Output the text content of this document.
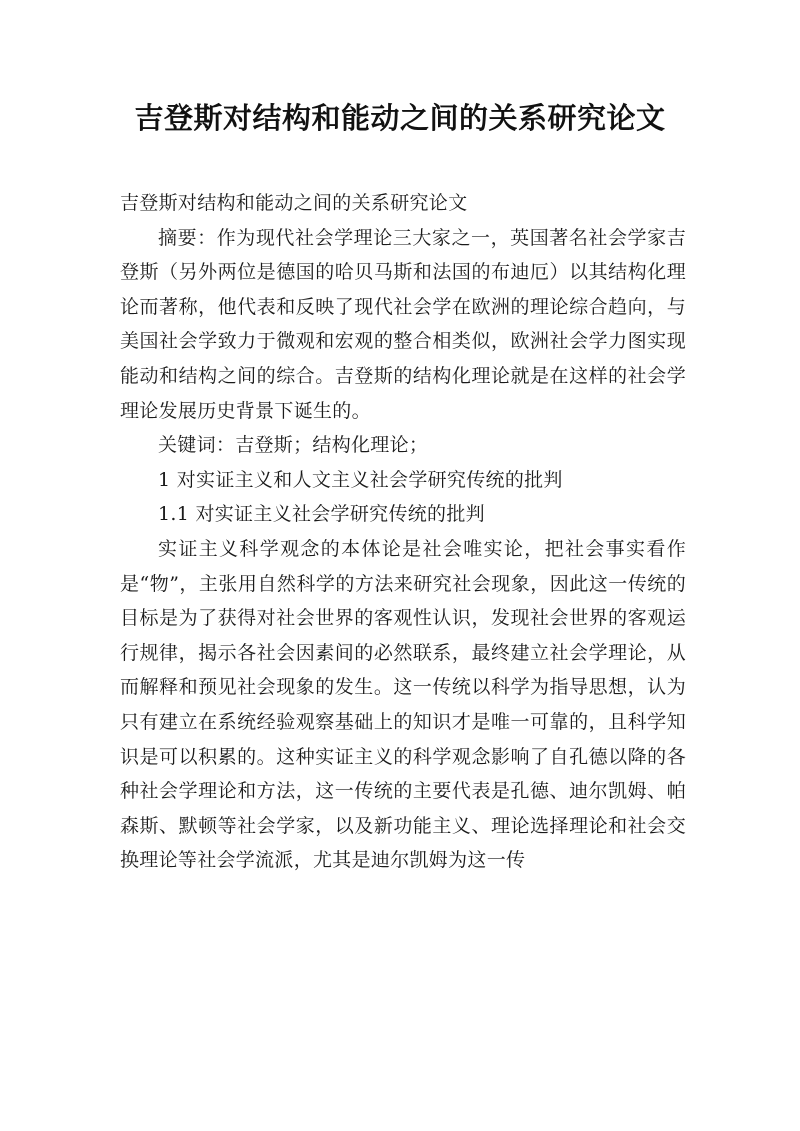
吉登斯对结构和能动之间的关系研究论文

吉登斯对结构和能动之间的关系研究论文

摘要：作为现代社会学理论三大家之一，英国著名社会学家吉登斯（另外两位是德国的哈贝马斯和法国的布迪厄）以其结构化理论而著称，他代表和反映了现代社会学在欧洲的理论综合趋向，与美国社会学致力于微观和宏观的整合相类似，欧洲社会学力图实现能动和结构之间的综合。吉登斯的结构化理论就是在这样的社会学理论发展历史背景下诞生的。

关键词：吉登斯；结构化理论；

1 对实证主义和人文主义社会学研究传统的批判

1.1 对实证主义社会学研究传统的批判

实证主义科学观念的本体论是社会唯实论，把社会事实看作是“物”，主张用自然科学的方法来研究社会现象，因此这一传统的目标是为了获得对社会世界的客观性认识，发现社会世界的客观运行规律，揭示各社会因素间的必然联系，最终建立社会学理论，从而解释和预见社会现象的发生。这一传统以科学为指导思想，认为只有建立在系统经验观察基础上的知识才是唯一可靠的，且科学知识是可以积累的。这种实证主义的科学观念影响了自孔德以降的各种社会学理论和方法，这一传统的主要代表是孔德、迪尔凯姆、帕森斯、默顿等社会学家，以及新功能主义、理论选择理论和社会交换理论等社会学流派，尤其是迪尔凯姆为这一传
